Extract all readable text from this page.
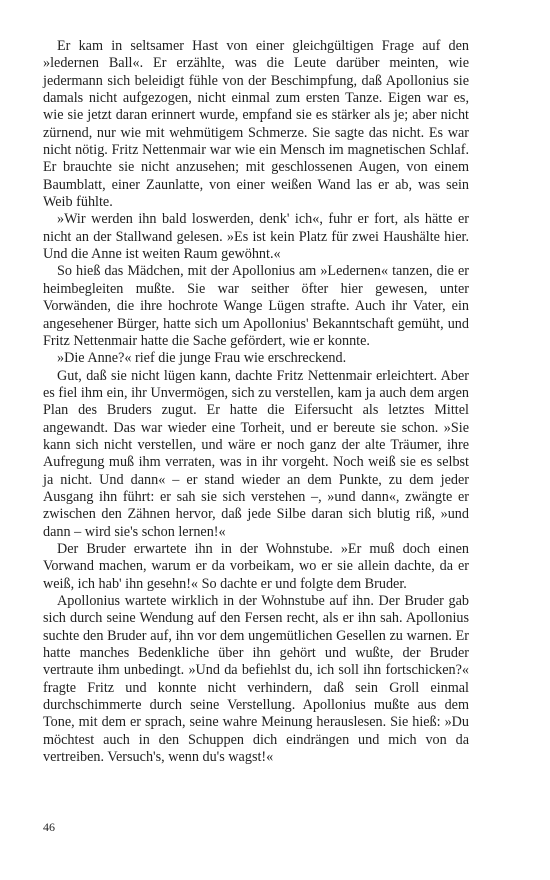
Er kam in seltsamer Hast von einer gleichgültigen Frage auf den »ledernen Ball«. Er erzählte, was die Leute darüber meinten, wie jedermann sich beleidigt fühle von der Beschimpfung, daß Apollonius sie damals nicht aufgezogen, nicht einmal zum ersten Tanze. Eigen war es, wie sie jetzt daran erinnert wurde, empfand sie es stärker als je; aber nicht zürnend, nur wie mit wehmütigem Schmerze. Sie sagte das nicht. Es war nicht nötig. Fritz Nettenmair war wie ein Mensch im magnetischen Schlaf. Er brauchte sie nicht anzusehen; mit geschlossenen Augen, von einem Baumblatt, einer Zaunlatte, von einer weißen Wand las er ab, was sein Weib fühlte.

»Wir werden ihn bald loswerden, denk' ich«, fuhr er fort, als hätte er nicht an der Stallwand gelesen. »Es ist kein Platz für zwei Haushälte hier. Und die Anne ist weiten Raum gewöhnt.«

So hieß das Mädchen, mit der Apollonius am »Ledernen« tanzen, die er heimbegleiten mußte. Sie war seither öfter hier gewesen, unter Vorwänden, die ihre hochrote Wange Lügen strafte. Auch ihr Vater, ein angesehener Bürger, hatte sich um Apollonius' Bekanntschaft gemüht, und Fritz Nettenmair hatte die Sache gefördert, wie er konnte.

»Die Anne?« rief die junge Frau wie erschreckend.

Gut, daß sie nicht lügen kann, dachte Fritz Nettenmair erleichtert. Aber es fiel ihm ein, ihr Unvermögen, sich zu verstellen, kam ja auch dem argen Plan des Bruders zugut. Er hatte die Eifersucht als letztes Mittel angewandt. Das war wieder eine Torheit, und er bereute sie schon. »Sie kann sich nicht verstellen, und wäre er noch ganz der alte Träumer, ihre Aufregung muß ihm verraten, was in ihr vorgeht. Noch weiß sie es selbst ja nicht. Und dann« – er stand wieder an dem Punkte, zu dem jeder Ausgang ihn führt: er sah sie sich verstehen –, »und dann«, zwängte er zwischen den Zähnen hervor, daß jede Silbe daran sich blutig riß, »und dann – wird sie's schon lernen!«

Der Bruder erwartete ihn in der Wohnstube. »Er muß doch einen Vorwand machen, warum er da vorbeikam, wo er sie allein dachte, da er weiß, ich hab' ihn gesehn!« So dachte er und folgte dem Bruder.

Apollonius wartete wirklich in der Wohnstube auf ihn. Der Bruder gab sich durch seine Wendung auf den Fersen recht, als er ihn sah. Apollonius suchte den Bruder auf, ihn vor dem ungemütlichen Gesellen zu warnen. Er hatte manches Bedenkliche über ihn gehört und wußte, der Bruder vertraute ihm unbedingt. »Und da befiehlst du, ich soll ihn fortschicken?« fragte Fritz und konnte nicht verhindern, daß sein Groll einmal durchschimmerte durch seine Verstellung. Apollonius mußte aus dem Tone, mit dem er sprach, seine wahre Meinung herauslesen. Sie hieß: »Du möchtest auch in den Schuppen dich eindrängen und mich von da vertreiben. Versuch's, wenn du's wagst!«

46
